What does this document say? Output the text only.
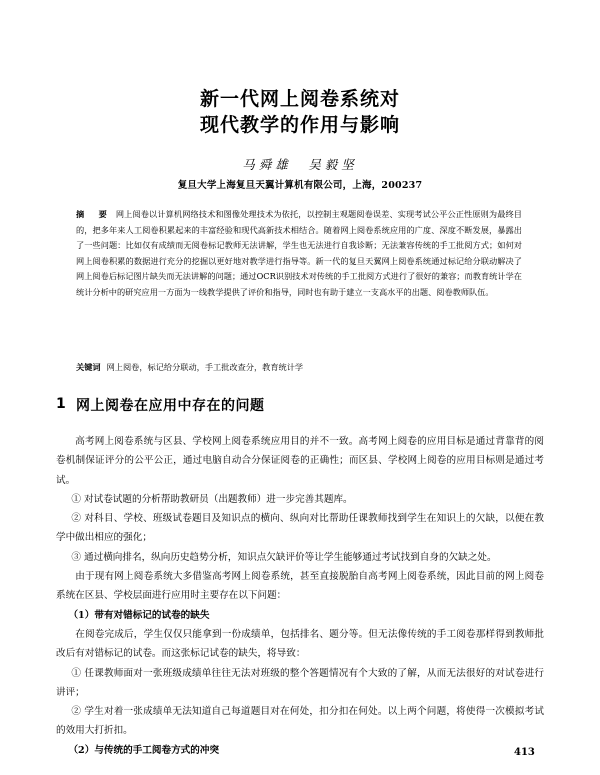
新一代网上阅卷系统对
现代教学的作用与影响
马舜雄　吴毅坚
复旦大学上海复旦天翼计算机有限公司，上海，200237
摘　要 网上阅卷以计算机网络技术和图像处理技术为依托，以控制主观题阅卷误差、实现考试公平公正性原则为最终目的，把多年来人工阅卷积累起来的丰富经验和现代高新技术相结合。随着网上阅卷系统应用的广度、深度不断发展，暴露出了一些问题：比如仅有成绩而无阅卷标记教师无法讲解，学生也无法进行自我诊断；无法兼容传统的手工批阅方式；如何对网上阅卷积累的数据进行充分的挖掘以更好地对教学进行指导等。新一代的复旦天翼网上阅卷系统通过标记给分联动解决了网上阅卷后标记图片缺失而无法讲解的问题；通过OCR识别技术对传统的手工批阅方式进行了很好的兼容；而教育统计学在统计分析中的研究应用一方面为一线教学提供了评价和指导，同时也有助于建立一支高水平的出题、阅卷教师队伍。
关键词 网上阅卷，标记给分联动，手工批改查分，教育统计学
1 网上阅卷在应用中存在的问题

高考网上阅卷系统与区县、学校网上阅卷系统应用目的并不一致。高考网上阅卷的应用目标是通过背靠背的阅卷机制保证评分的公平公正，通过电脑自动合分保证阅卷的正确性；而区县、学校网上阅卷的应用目标则是通过考试。

① 对试卷试题的分析帮助教研员（出题教师）进一步完善其题库。

② 对科目、学校、班级试卷题目及知识点的横向、纵向对比帮助任课教师找到学生在知识上的欠缺，以便在教学中做出相应的强化；

③ 通过横向排名，纵向历史趋势分析，知识点欠缺评价等让学生能够通过考试找到自身的欠缺之处。

由于现有网上阅卷系统大多借鉴高考网上阅卷系统，甚至直接脱胎自高考网上阅卷系统，因此目前的网上阅卷系统在区县、学校层面进行应用时主要存在以下问题：

（1）带有对错标记的试卷的缺失

在阅卷完成后，学生仅仅只能拿到一份成绩单，包括排名、题分等。但无法像传统的手工阅卷那样得到教师批改后有对错标记的试卷。而这张标记试卷的缺失，将导致：

① 任课教师面对一张班级成绩单往往无法对班级的整个答题情况有个大致的了解，从而无法很好的对试卷进行讲评；

② 学生对着一张成绩单无法知道自己每道题目对在何处，扣分扣在何处。以上两个问题，将使得一次模拟考试的效用大打折扣。

（2）与传统的手工阅卷方式的冲突	413
